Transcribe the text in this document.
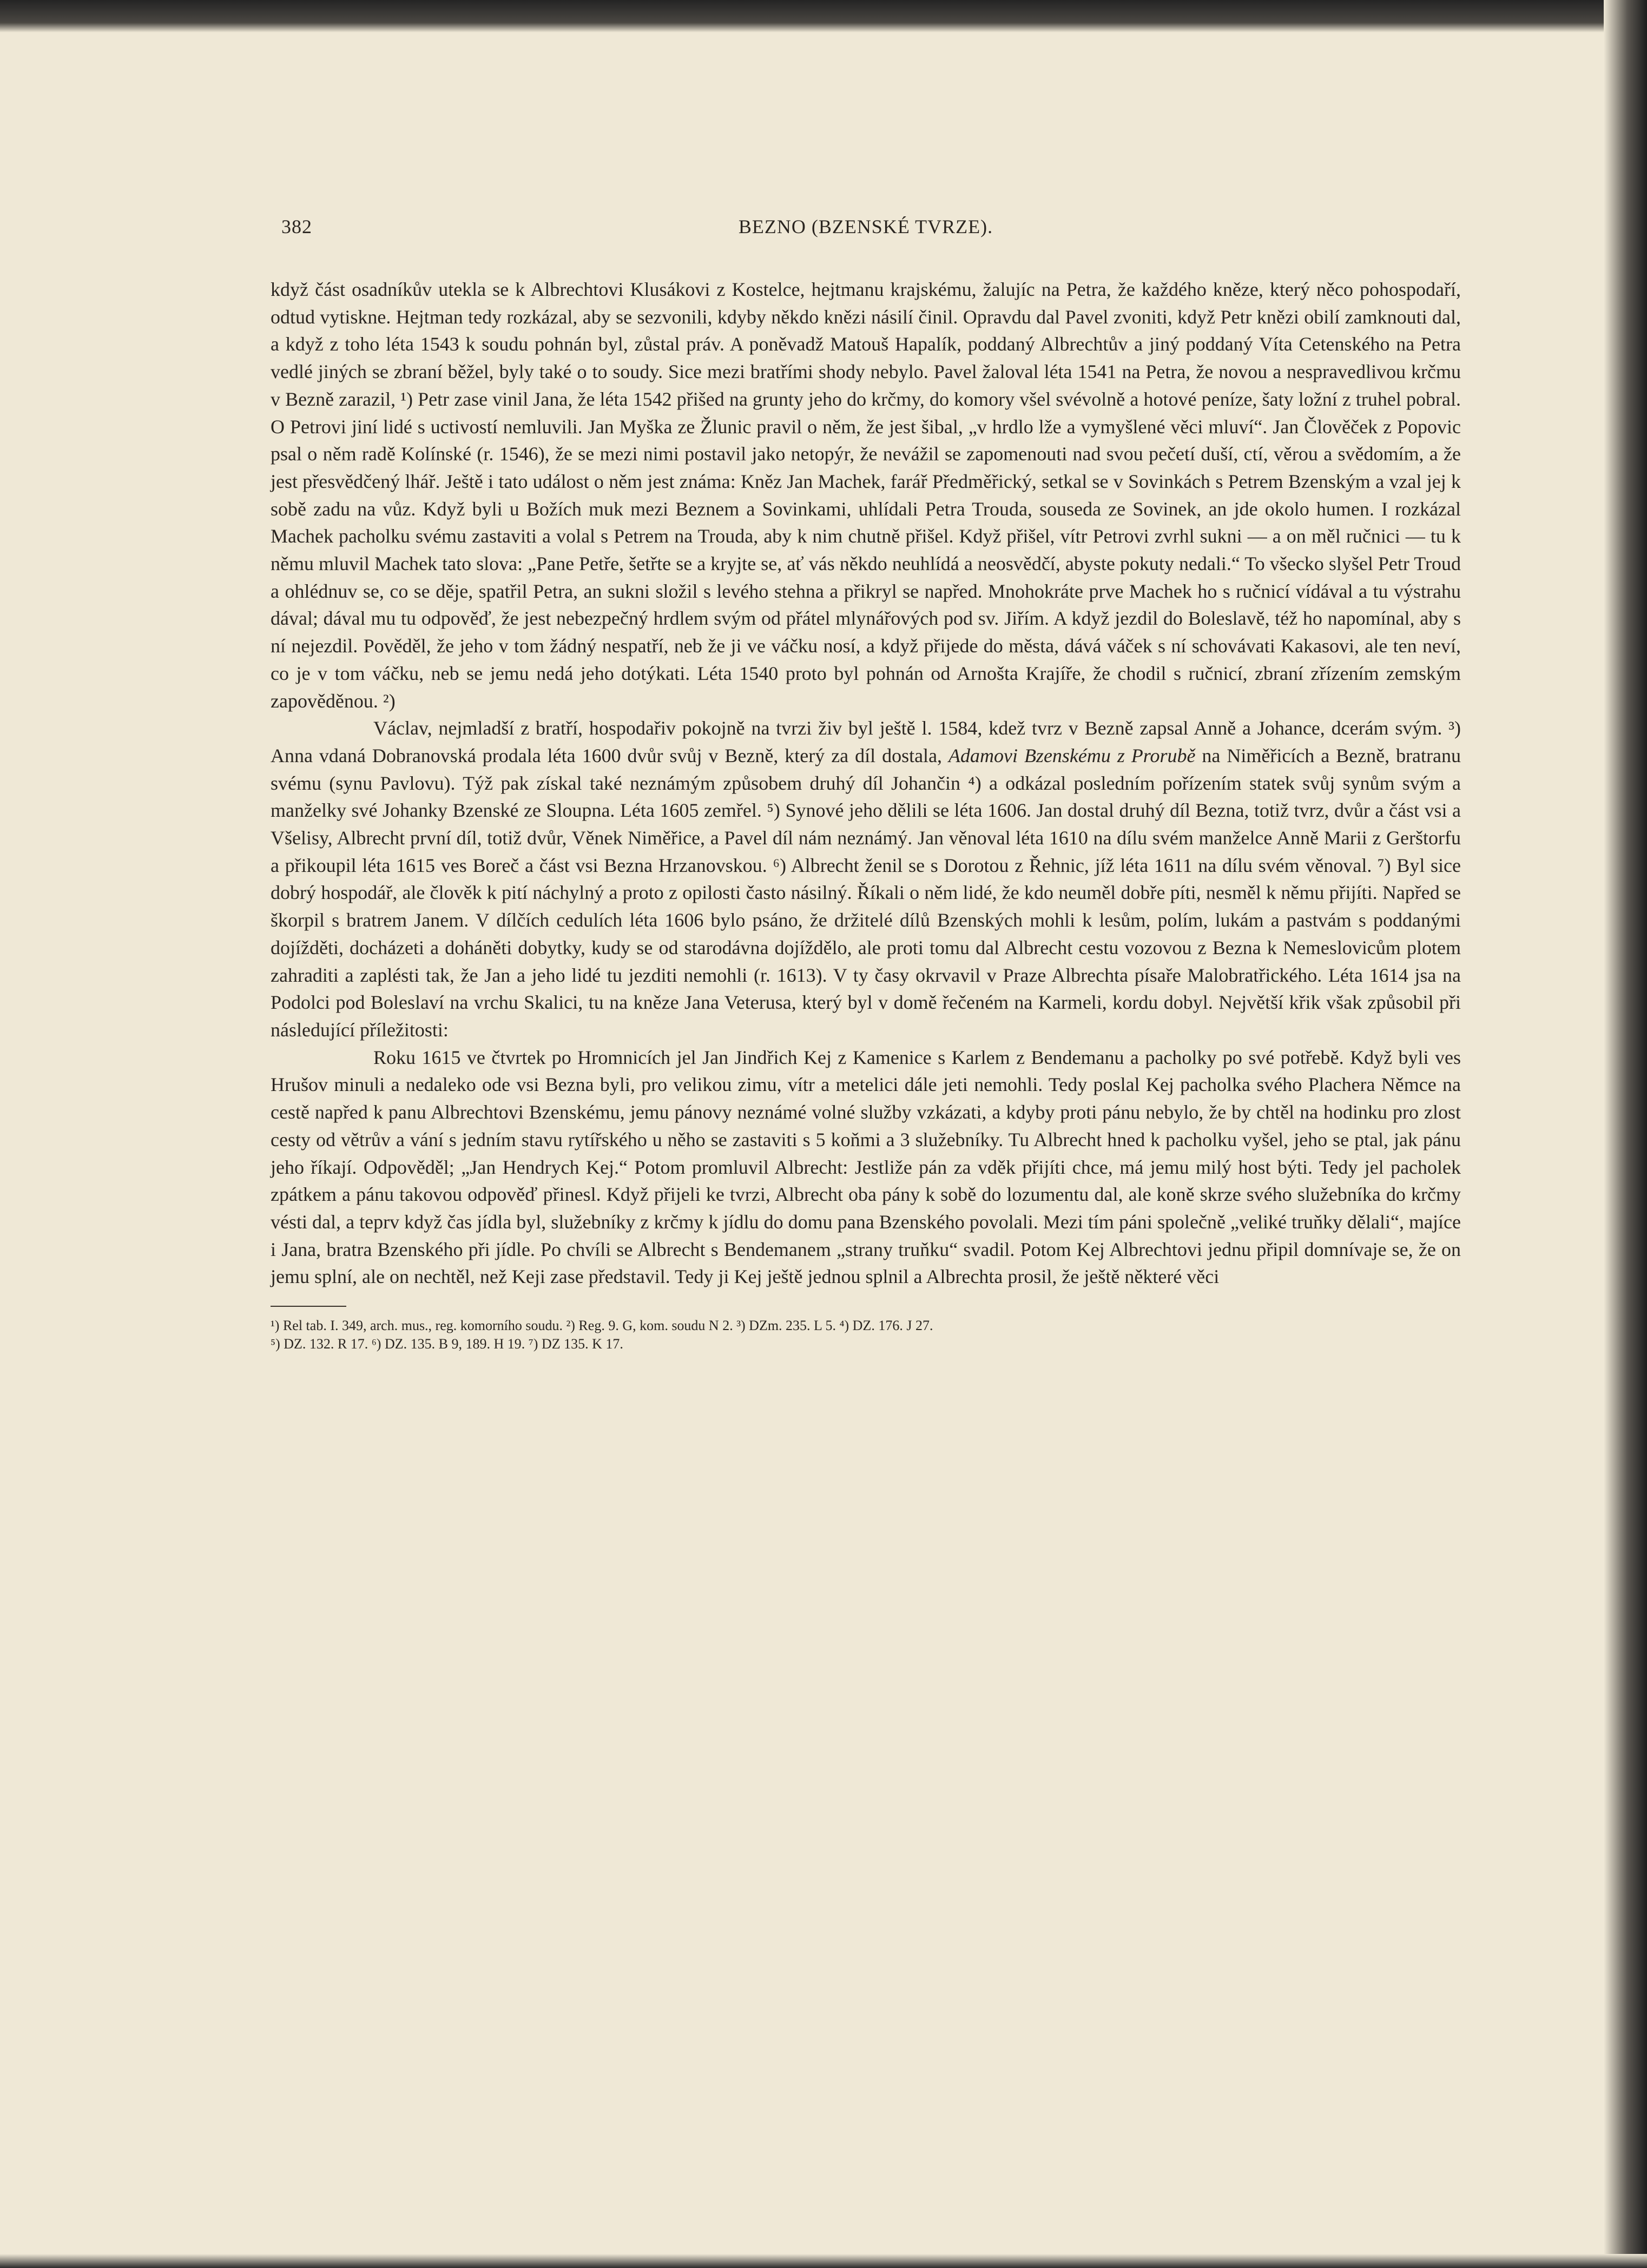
382	BEZNO (BZENSKÉ TVRZE).

když část osadníkův utekla se k Albrechtovi Klusákovi z Kostelce, hejtmanu krajskému, žalujíc na Petra, že každého kněze, který něco pohospodaří, odtud vytiskne. Hejtman tedy rozkázal, aby se sezvonili, kdyby někdo knězi násilí činil. Opravdu dal Pavel zvoniti, když Petr knězi obilí zamknouti dal, a když z toho léta 1543 k soudu pohnán byl, zůstal práv. A poněvadž Matouš Hapalík, poddaný Albrechtův a jiný poddaný Víta Cetenského na Petra vedlé jiných se zbraní běžel, byly také o to soudy. Sice mezi bratřími shody nebylo. Pavel žaloval léta 1541 na Petra, že novou a nespravedlivou krčmu v Bezně zarazil, ¹) Petr zase vinil Jana, že léta 1542 přišed na grunty jeho do krčmy, do komory všel svévolně a hotové peníze, šaty ložní z truhel pobral. O Petrovi jiní lidé s uctivostí nemluvili. Jan Myška ze Žlunic pravil o něm, že jest šibal, „v hrdlo lže a vymyšlené věci mluví“. Jan Člověček z Popovic psal o něm radě Kolínské (r. 1546), že se mezi nimi postavil jako netopýr, že nevážil se zapomenouti nad svou pečetí duší, ctí, věrou a svědomím, a že jest přesvědčený lhář. Ještě i tato událost o něm jest známa: Kněz Jan Machek, farář Předměřický, setkal se v Sovinkách s Petrem Bzenským a vzal jej k sobě zadu na vůz. Když byli u Božích muk mezi Beznem a Sovinkami, uhlídali Petra Trouda, souseda ze Sovinek, an jde okolo humen. I rozkázal Machek pacholku svému zastaviti a volal s Petrem na Trouda, aby k nim chutně přišel. Když přišel, vítr Petrovi zvrhl sukni — a on měl ručnici — tu k němu mluvil Machek tato slova: „Pane Petře, šetřte se a kryjte se, ať vás někdo neuhlídá a neosvědčí, abyste pokuty nedali.“ To všecko slyšel Petr Troud a ohlédnuv se, co se děje, spatřil Petra, an sukni složil s levého stehna a přikryl se napřed. Mnohokráte prve Machek ho s ručnicí vídával a tu výstrahu dával; dával mu tu odpověď, že jest nebezpečný hrdlem svým od přátel mlynářových pod sv. Jiřím. A když jezdil do Boleslavě, též ho napomínal, aby s ní nejezdil. Pověděl, že jeho v tom žádný nespatří, neb že ji ve váčku nosí, a když přijede do města, dává váček s ní schovávati Kakasovi, ale ten neví, co je v tom váčku, neb se jemu nedá jeho dotýkati. Léta 1540 proto byl pohnán od Arnošta Krajíře, že chodil s ručnicí, zbraní zřízením zemským zapověděnou. ²)

Václav, nejmladší z bratří, hospodařiv pokojně na tvrzi živ byl ještě l. 1584, kdež tvrz v Bezně zapsal Anně a Johance, dcerám svým. ³) Anna vdaná Dobranovská prodala léta 1600 dvůr svůj v Bezně, který za díl dostala, Adamovi Bzenskému z Prorubě na Niměřicích a Bezně, bratranu svému (synu Pavlovu). Týž pak získal také neznámým způsobem druhý díl Johančin ⁴) a odkázal posledním pořízením statek svůj synům svým a manželky své Johanky Bzenské ze Sloupna. Léta 1605 zemřel. ⁵) Synové jeho dělili se léta 1606. Jan dostal druhý díl Bezna, totiž tvrz, dvůr a část vsi a Všelisy, Albrecht první díl, totiž dvůr, Věnek Niměřice, a Pavel díl nám neznámý. Jan věnoval léta 1610 na dílu svém manželce Anně Marii z Gerštorfu a přikoupil léta 1615 ves Boreč a část vsi Bezna Hrzanovskou. ⁶) Albrecht ženil se s Dorotou z Řehnic, jíž léta 1611 na dílu svém věnoval. ⁷) Byl sice dobrý hospodář, ale člověk k pití náchylný a proto z opilosti často násilný. Říkali o něm lidé, že kdo neuměl dobře píti, nesměl k němu přijíti. Napřed se škorpil s bratrem Janem. V dílčích cedulích léta 1606 bylo psáno, že držitelé dílů Bzenských mohli k lesům, polím, lukám a pastvám s poddanými dojížděti, docházeti a doháněti dobytky, kudy se od starodávna dojíždělo, ale proti tomu dal Albrecht cestu vozovou z Bezna k Nemeslovicům plotem zahraditi a zaplésti tak, že Jan a jeho lidé tu jezditi nemohli (r. 1613). V ty časy okrvavil v Praze Albrechta písaře Malobratřického. Léta 1614 jsa na Podolci pod Boleslaví na vrchu Skalici, tu na kněze Jana Veterusa, který byl v domě řečeném na Karmeli, kordu dobyl. Největší křik však způsobil při následující příležitosti:

Roku 1615 ve čtvrtek po Hromnicích jel Jan Jindřich Kej z Kamenice s Karlem z Bendemanu a pacholky po své potřebě. Když byli ves Hrušov minuli a nedaleko ode vsi Bezna byli, pro velikou zimu, vítr a metelici dále jeti nemohli. Tedy poslal Kej pacholka svého Plachera Němce na cestě napřed k panu Albrechtovi Bzenskému, jemu pánovy neznámé volné služby vzkázati, a kdyby proti pánu nebylo, že by chtěl na hodinku pro zlost cesty od větrův a vání s jedním stavu rytířského u něho se zastaviti s 5 koňmi a 3 služebníky. Tu Albrecht hned k pacholku vyšel, jeho se ptal, jak pánu jeho říkají. Odpověděl; „Jan Hendrych Kej.“ Potom promluvil Albrecht: Jestliže pán za vděk přijíti chce, má jemu milý host býti. Tedy jel pacholek zpátkem a pánu takovou odpověď přinesl. Když přijeli ke tvrzi, Albrecht oba pány k sobě do lozumentu dal, ale koně skrze svého služebníka do krčmy vésti dal, a teprv když čas jídla byl, služebníky z krčmy k jídlu do domu pana Bzenského povolali. Mezi tím páni společně „veliké truňky dělali“, majíce i Jana, bratra Bzenského při jídle. Po chvíli se Albrecht s Bendemanem „strany truňku“ svadil. Potom Kej Albrechtovi jednu připil domnívaje se, že on jemu splní, ale on nechtěl, než Keji zase představil. Tedy ji Kej ještě jednou splnil a Albrechta prosil, že ještě některé věci

¹) Rel tab. I. 349, arch. mus., reg. komorního soudu. ²) Reg. 9. G, kom. soudu N 2. ³) DZm. 235. L 5. ⁴) DZ. 176. J 27.
⁵) DZ. 132. R 17. ⁶) DZ. 135. B 9, 189. H 19. ⁷) DZ 135. K 17.
